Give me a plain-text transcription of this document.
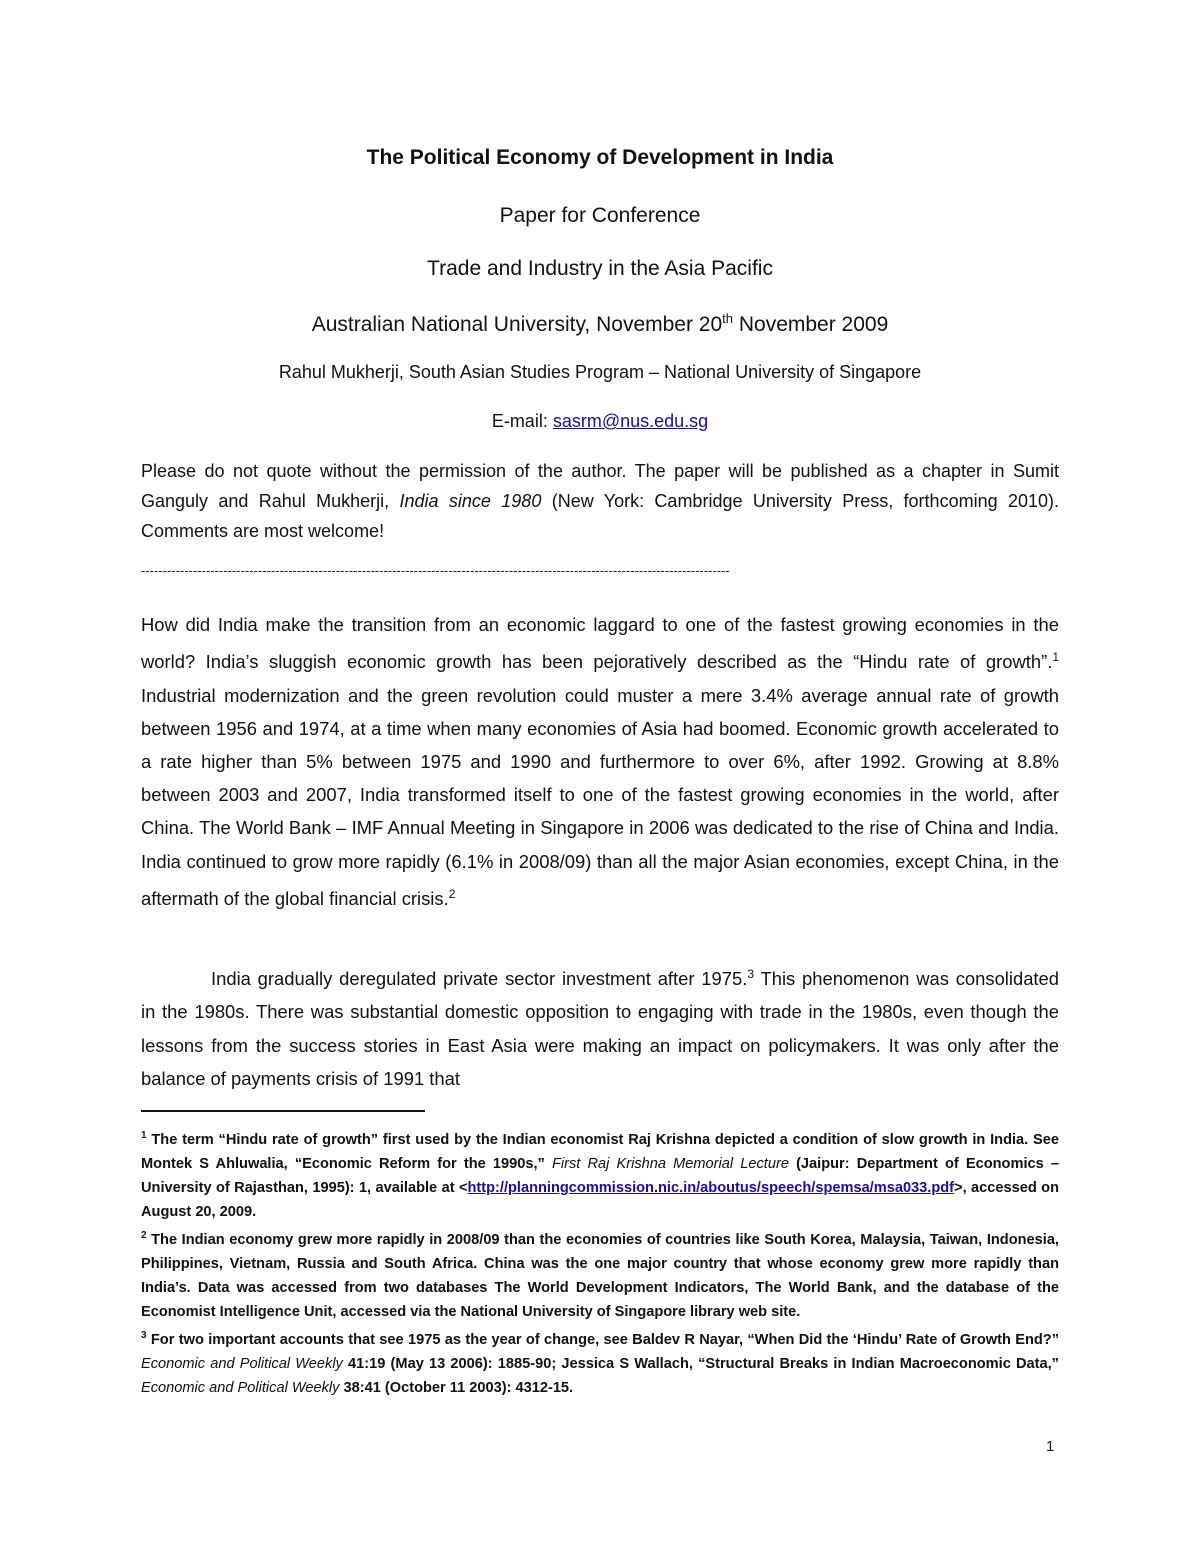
The Political Economy of Development in India
Paper for Conference
Trade and Industry in the Asia Pacific
Australian National University, November 20th November 2009
Rahul Mukherji, South Asian Studies Program – National University of Singapore
E-mail: sasrm@nus.edu.sg
Please do not quote without the permission of the author. The paper will be published as a chapter in Sumit Ganguly and Rahul Mukherji, India since 1980 (New York: Cambridge University Press, forthcoming 2010). Comments are most welcome!
----------------------------------------------------------------------------------------------------------------------------------------
How did India make the transition from an economic laggard to one of the fastest growing economies in the world? India’s sluggish economic growth has been pejoratively described as the “Hindu rate of growth”.$^1$ Industrial modernization and the green revolution could muster a mere 3.4% average annual rate of growth between 1956 and 1974, at a time when many economies of Asia had boomed. Economic growth accelerated to a rate higher than 5% between 1975 and 1990 and furthermore to over 6%, after 1992. Growing at 8.8% between 2003 and 2007, India transformed itself to one of the fastest growing economies in the world, after China. The World Bank – IMF Annual Meeting in Singapore in 2006 was dedicated to the rise of China and India. India continued to grow more rapidly (6.1% in 2008/09) than all the major Asian economies, except China, in the aftermath of the global financial crisis.$^2$
India gradually deregulated private sector investment after 1975.$^3$ This phenomenon was consolidated in the 1980s. There was substantial domestic opposition to engaging with trade in the 1980s, even though the lessons from the success stories in East Asia were making an impact on policymakers. It was only after the balance of payments crisis of 1991 that

$^1$ The term “Hindu rate of growth” first used by the Indian economist Raj Krishna depicted a condition of slow growth in India. See Montek S Ahluwalia, “Economic Reform for the 1990s,” First Raj Krishna Memorial Lecture (Jaipur: Department of Economics – University of Rajasthan, 1995): 1, available at <http://planningcommission.nic.in/aboutus/speech/spemsa/msa033.pdf>, accessed on August 20, 2009.

$^2$ The Indian economy grew more rapidly in 2008/09 than the economies of countries like South Korea, Malaysia, Taiwan, Indonesia, Philippines, Vietnam, Russia and South Africa. China was the one major country that whose economy grew more rapidly than India’s. Data was accessed from two databases The World Development Indicators, The World Bank, and the database of the Economist Intelligence Unit, accessed via the National University of Singapore library web site.

$^3$ For two important accounts that see 1975 as the year of change, see Baldev R Nayar, “When Did the ‘Hindu’ Rate of Growth End?” Economic and Political Weekly 41:19 (May 13 2006): 1885-90; Jessica S Wallach, “Structural Breaks in Indian Macroeconomic Data,” Economic and Political Weekly 38:41 (October 11 2003): 4312-15.

1
